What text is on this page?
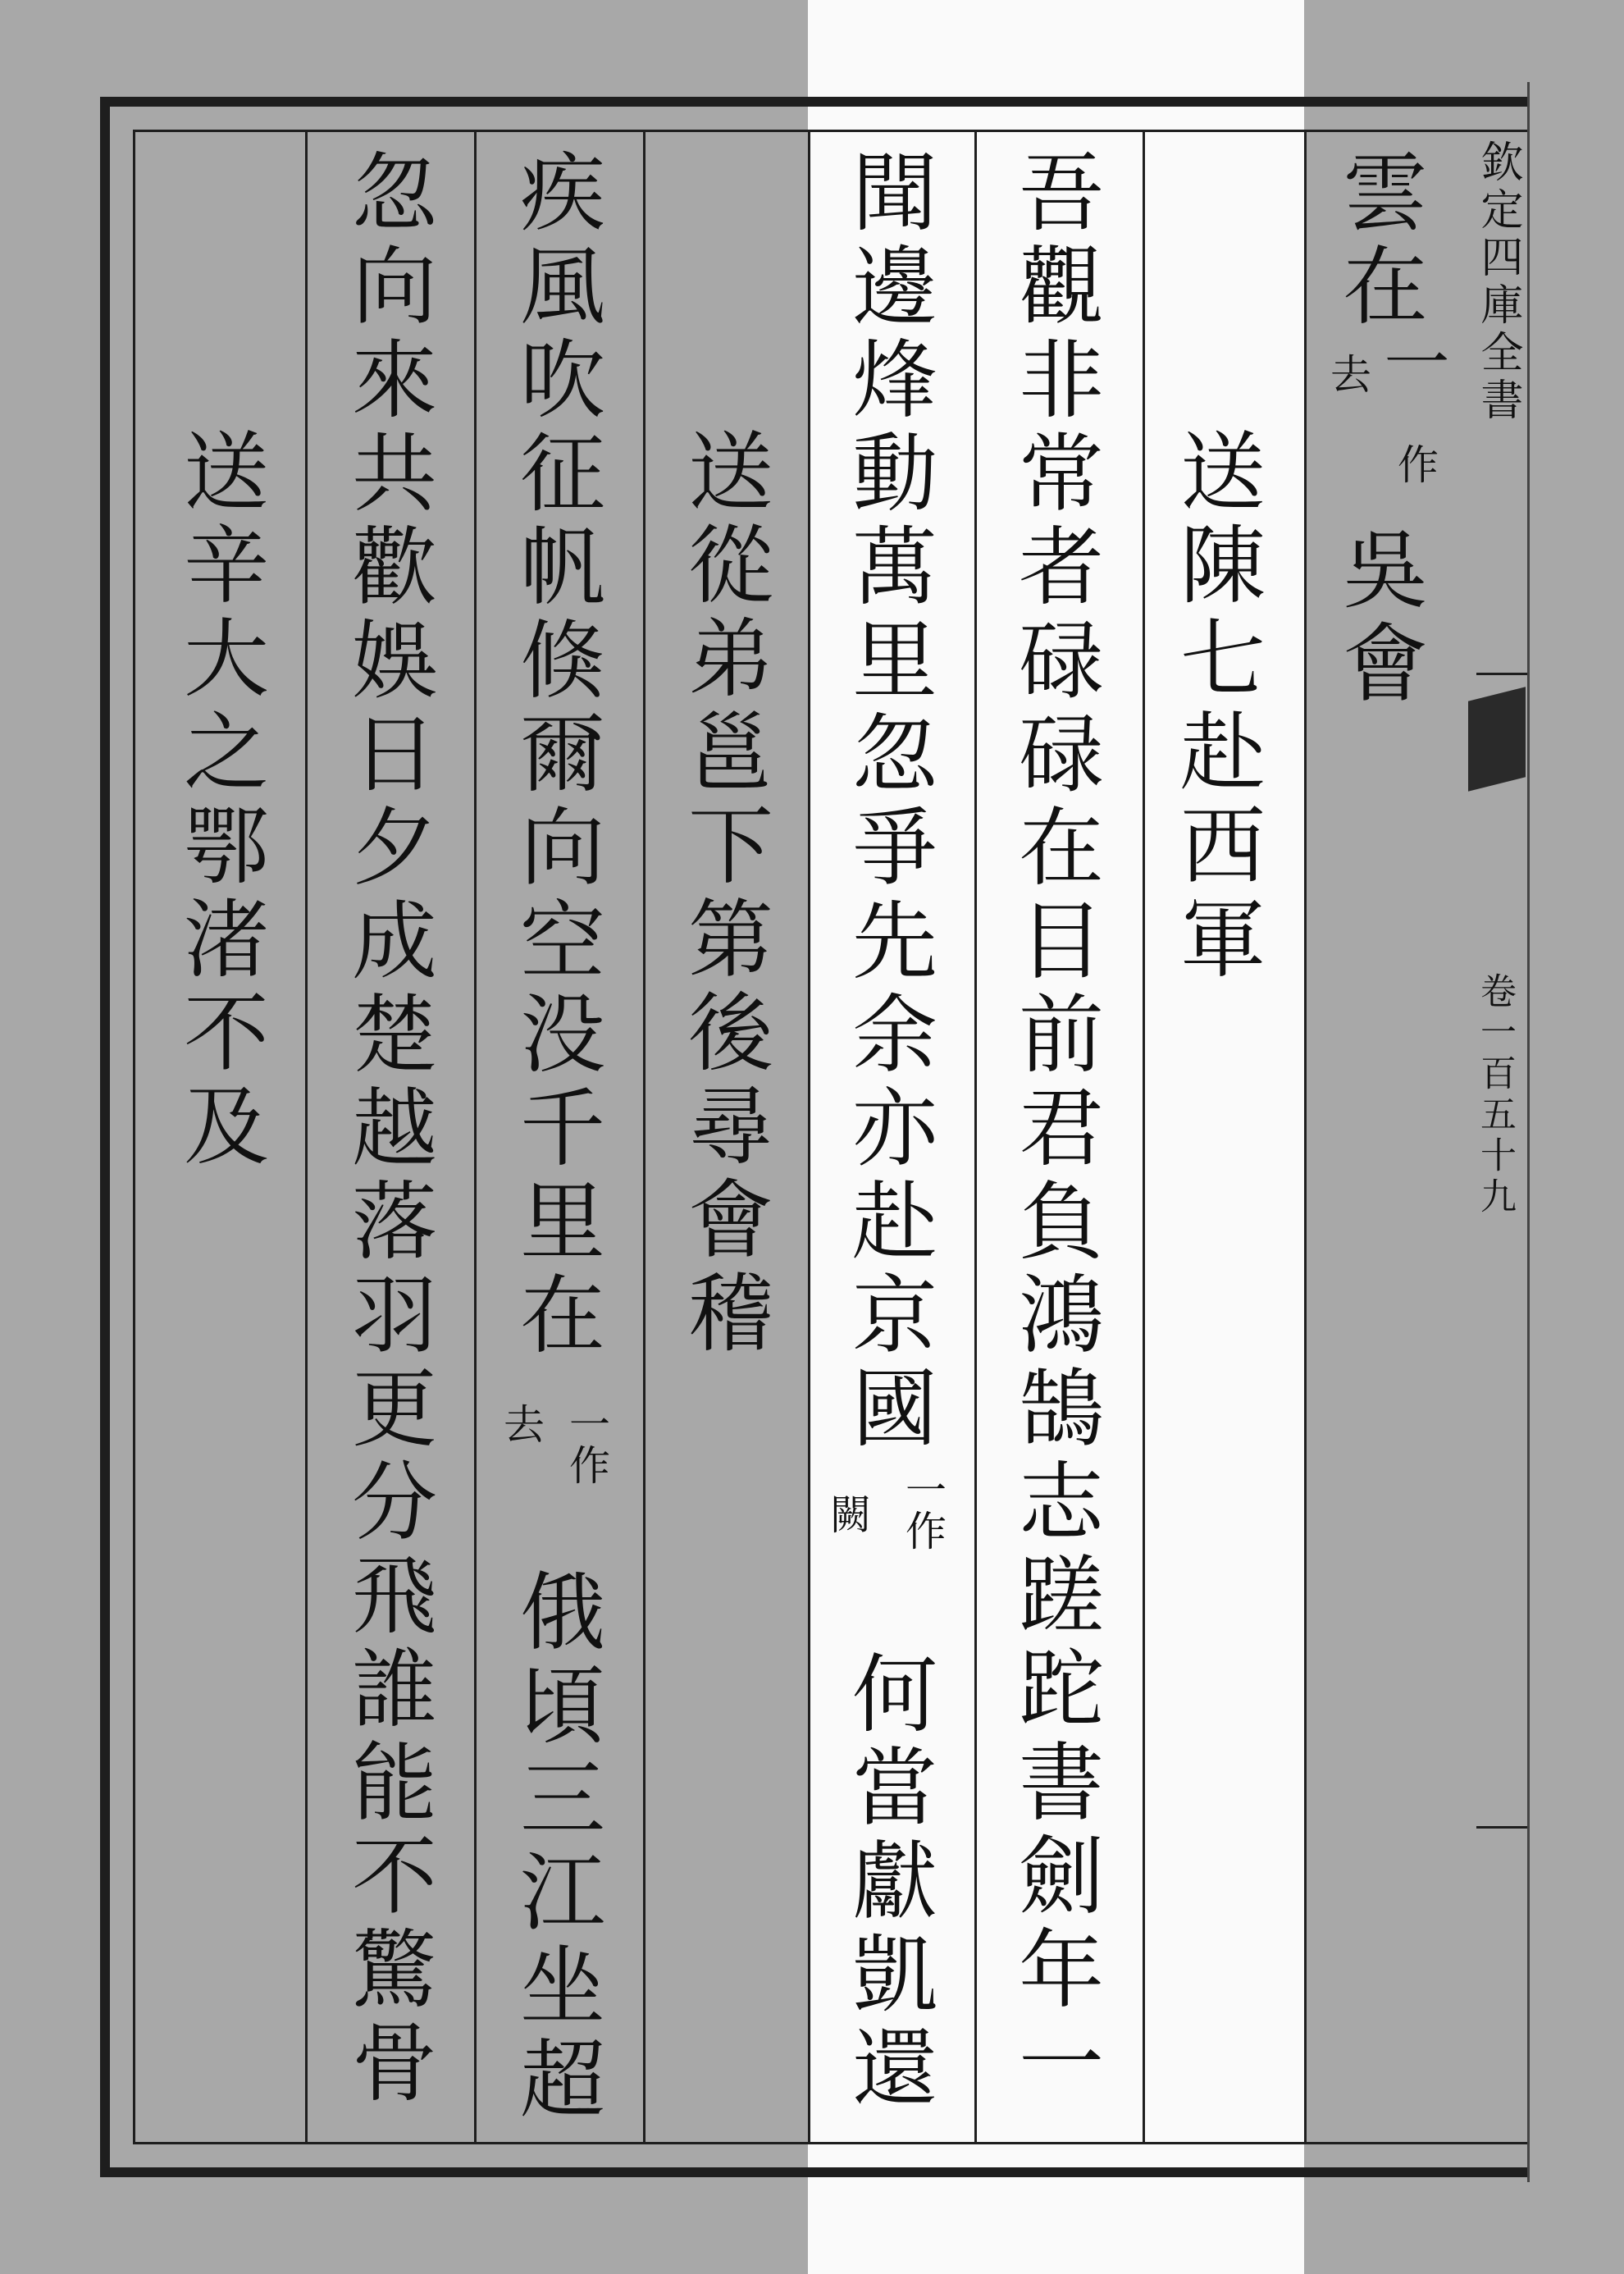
欽定四庫全書
卷一百五十九
雲在
去 一
作
吳會
送陳七赴西軍
吾觀非常者碌碌在目前君負鴻鵠志蹉跎書劍年一
聞邊烽動萬里忽爭先余亦赴京國
一作
闕
何當獻凱還
送從弟邕下第後尋會稽
疾風吹征帆倏爾向空没千里在
一作
去
俄頃三江坐超
忽向來共歡娛日夕成楚越落羽更分飛誰能不驚骨
送辛大之鄂渚不及
